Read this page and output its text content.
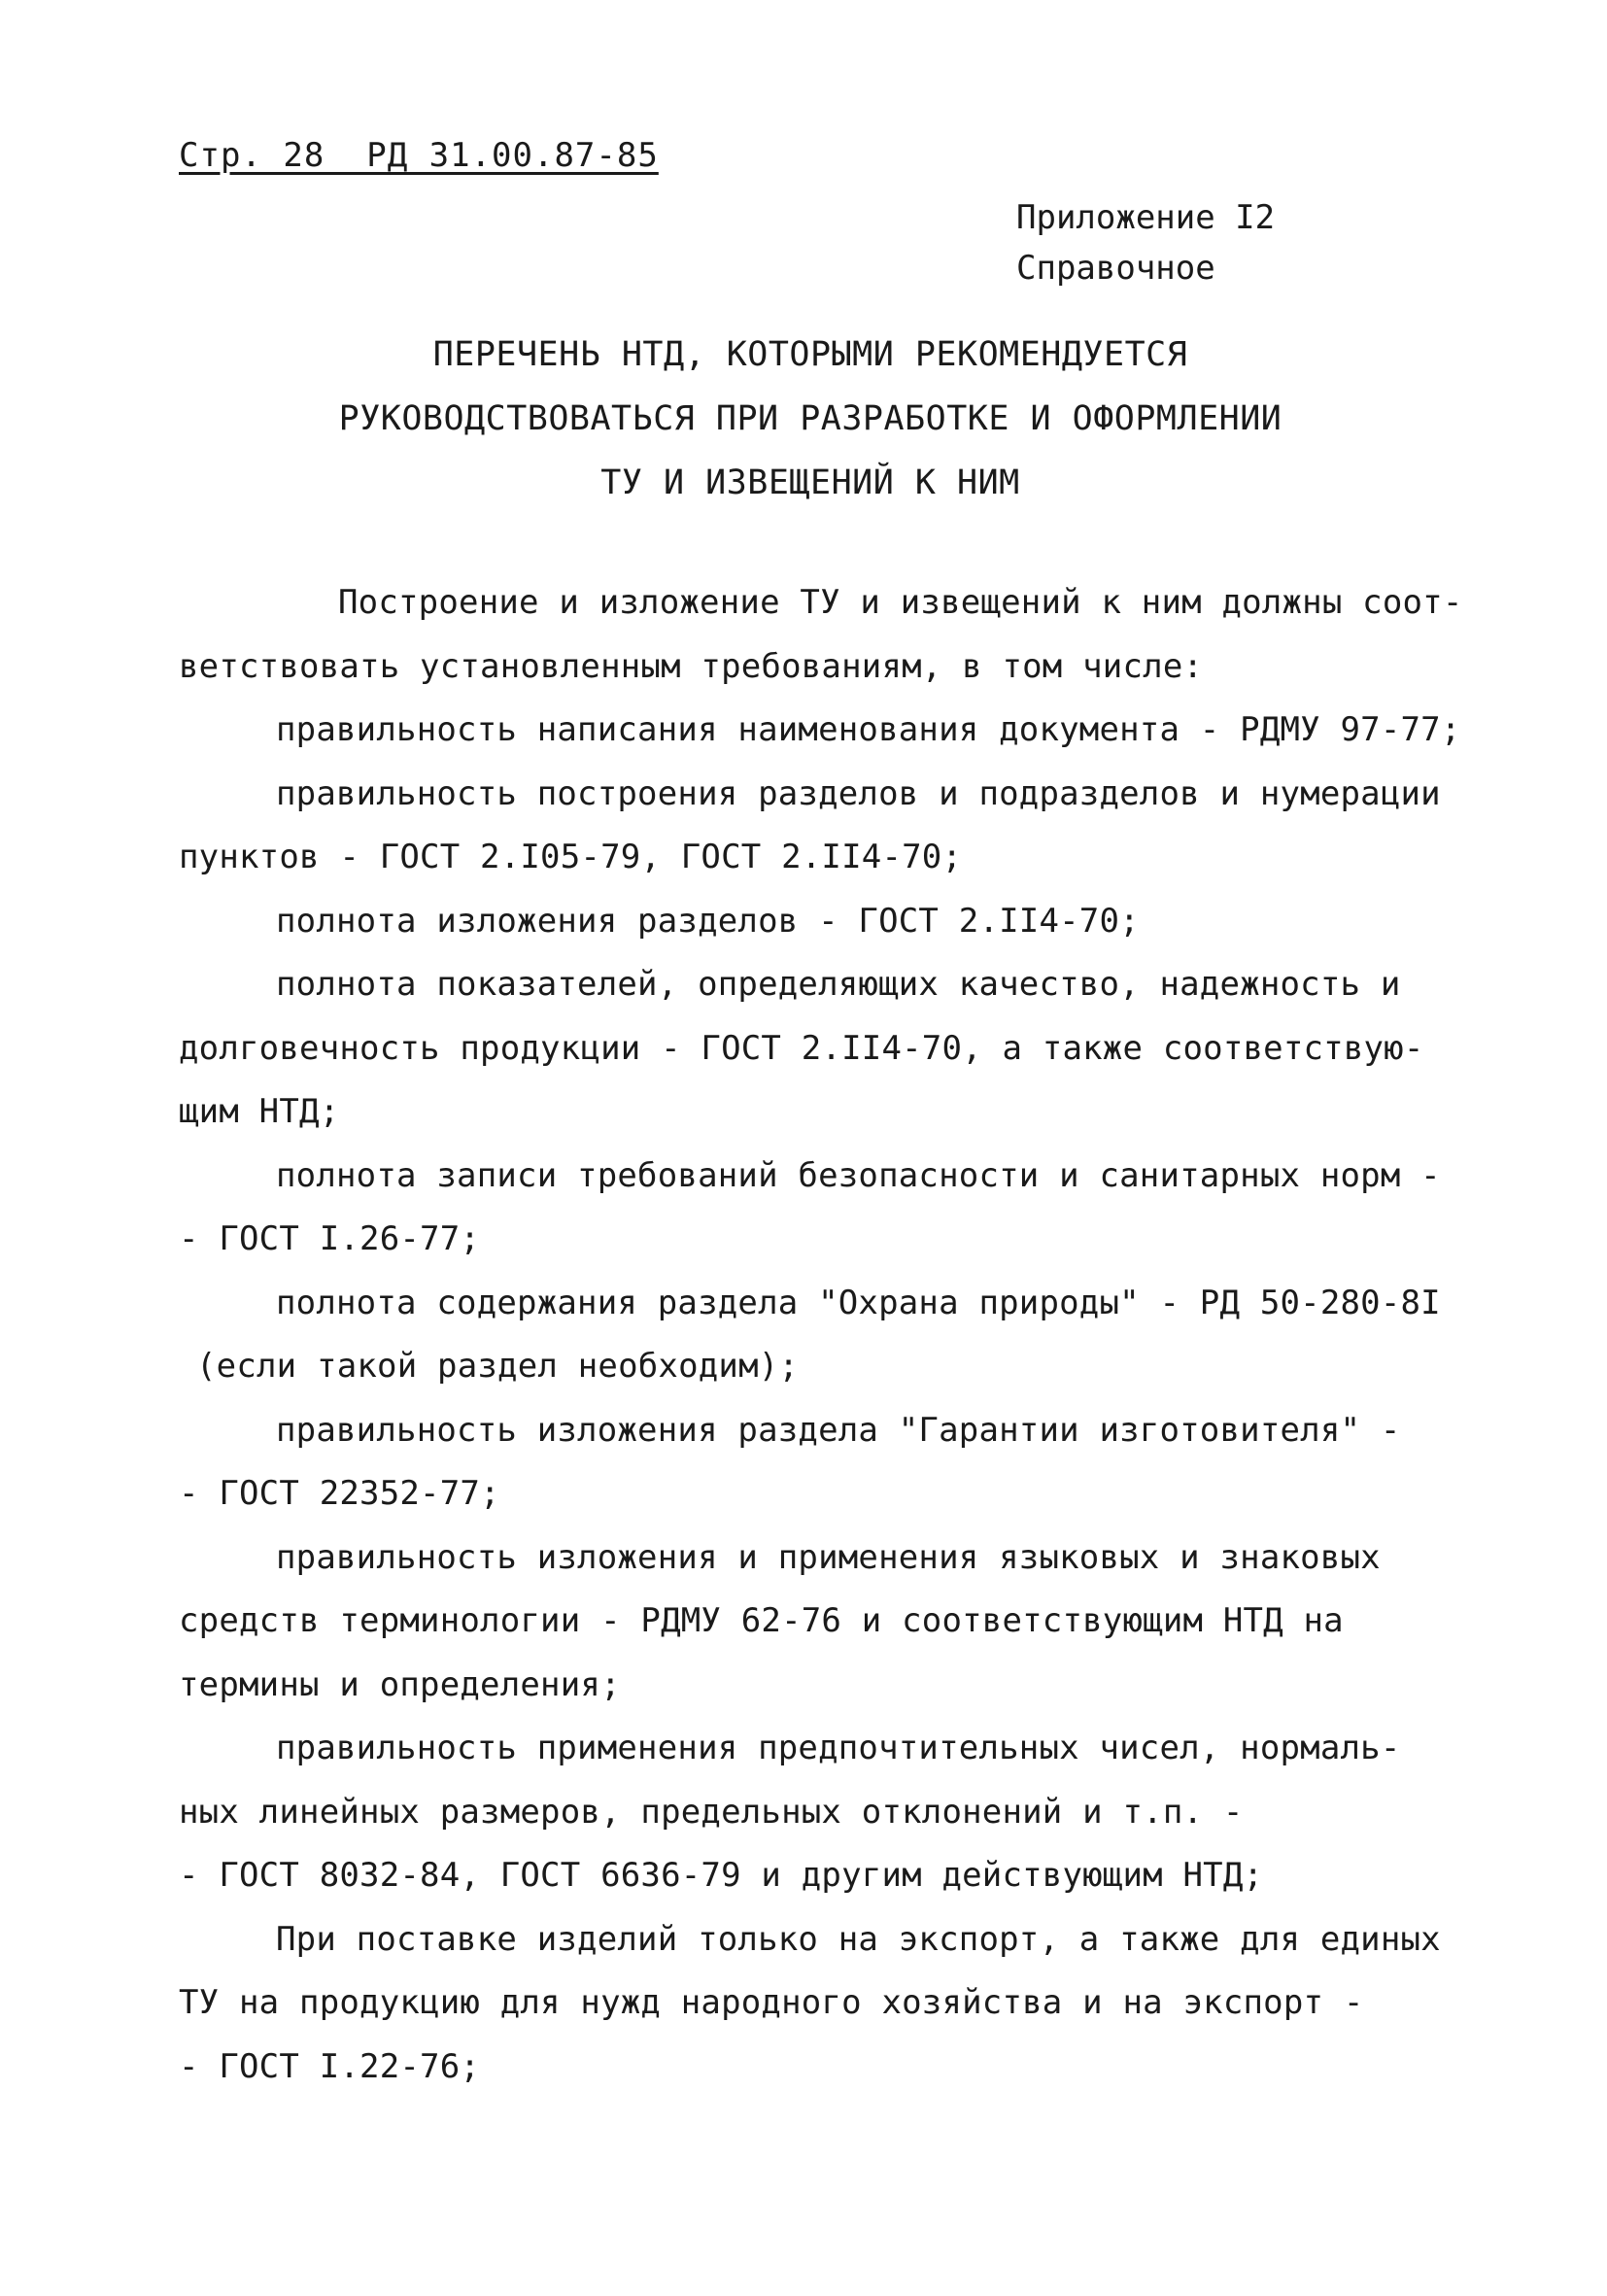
Стр. 28  РД 31.00.87-85
Приложение I2
Справочное
ПЕРЕЧЕНЬ НТД, КОТОРЫМИ РЕКОМЕНДУЕТСЯ
РУКОВОДСТВОВАТЬСЯ ПРИ РАЗРАБОТКЕ И ОФОРМЛЕНИИ
ТУ И ИЗВЕЩЕНИЙ К НИМ
Построение и изложение ТУ и извещений к ним должны соот-
ветствовать установленным требованиям, в том числе:
правильность написания наименования документа - РДМУ 97-77;
правильность построения разделов и подразделов и нумерации
пунктов - ГОСТ 2.I05-79, ГОСТ 2.II4-70;
полнота изложения разделов - ГОСТ 2.II4-70;
полнота показателей, определяющих качество, надежность и
долговечность продукции - ГОСТ 2.II4-70, а также соответствую-
щим НТД;
полнота записи требований безопасности и санитарных норм -
- ГОСТ I.26-77;
полнота содержания раздела "Охрана природы" - РД 50-280-8I
(если такой раздел необходим);
правильность изложения раздела "Гарантии изготовителя" -
- ГОСТ 22352-77;
правильность изложения и применения языковых и знаковых
средств терминологии - РДМУ 62-76 и соответствующим НТД на
термины и определения;
правильность применения предпочтительных чисел, нормаль-
ных линейных размеров, предельных отклонений и т.п. -
- ГОСТ 8032-84, ГОСТ 6636-79 и другим действующим НТД;
При поставке изделий только на экспорт, а также для единых
ТУ на продукцию для нужд народного хозяйства и на экспорт -
- ГОСТ I.22-76;
